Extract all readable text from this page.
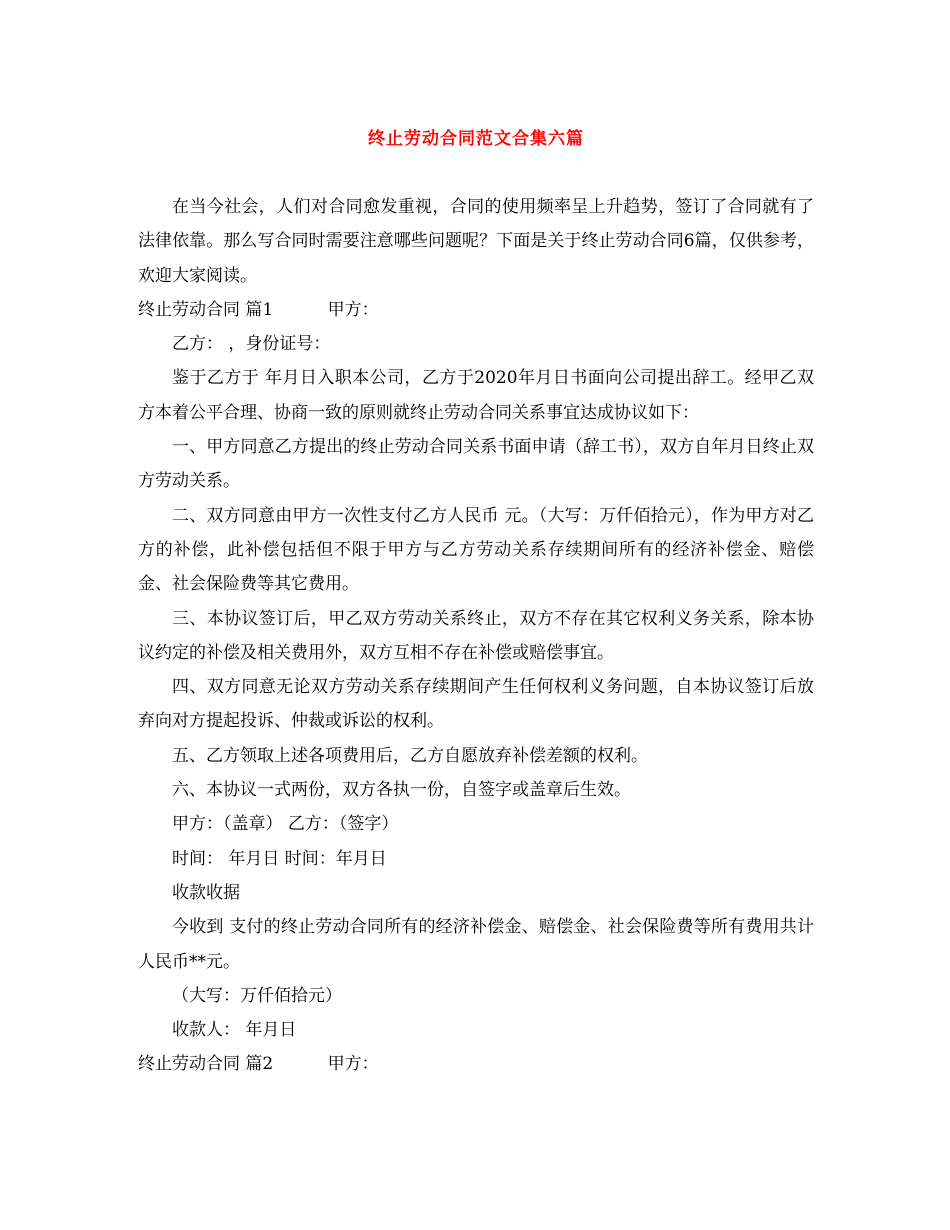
终止劳动合同范文合集六篇

在当今社会，人们对合同愈发重视，合同的使用频率呈上升趋势，签订了合同就有了法律依靠。那么写合同时需要注意哪些问题呢？下面是关于终止劳动合同6篇，仅供参考，欢迎大家阅读。

终止劳动合同 篇1	甲方：

乙方： ，身份证号：

鉴于乙方于 年月日入职本公司，乙方于2020年月日书面向公司提出辞工。经甲乙双方本着公平合理、协商一致的原则就终止劳动合同关系事宜达成协议如下：

一、甲方同意乙方提出的终止劳动合同关系书面申请（辞工书），双方自年月日终止双方劳动关系。

二、双方同意由甲方一次性支付乙方人民币 元。（大写：万仟佰拾元），作为甲方对乙方的补偿，此补偿包括但不限于甲方与乙方劳动关系存续期间所有的经济补偿金、赔偿金、社会保险费等其它费用。

三、本协议签订后，甲乙双方劳动关系终止，双方不存在其它权利义务关系，除本协议约定的补偿及相关费用外，双方互相不存在补偿或赔偿事宜。

四、双方同意无论双方劳动关系存续期间产生任何权利义务问题，自本协议签订后放弃向对方提起投诉、仲裁或诉讼的权利。

五、乙方领取上述各项费用后，乙方自愿放弃补偿差额的权利。

六、本协议一式两份，双方各执一份，自签字或盖章后生效。

甲方：（盖章） 乙方：（签字）

时间： 年月日 时间：年月日

收款收据

今收到 支付的终止劳动合同所有的经济补偿金、赔偿金、社会保险费等所有费用共计人民币**元。

（大写：万仟佰拾元）

收款人： 年月日

终止劳动合同 篇2	甲方：
